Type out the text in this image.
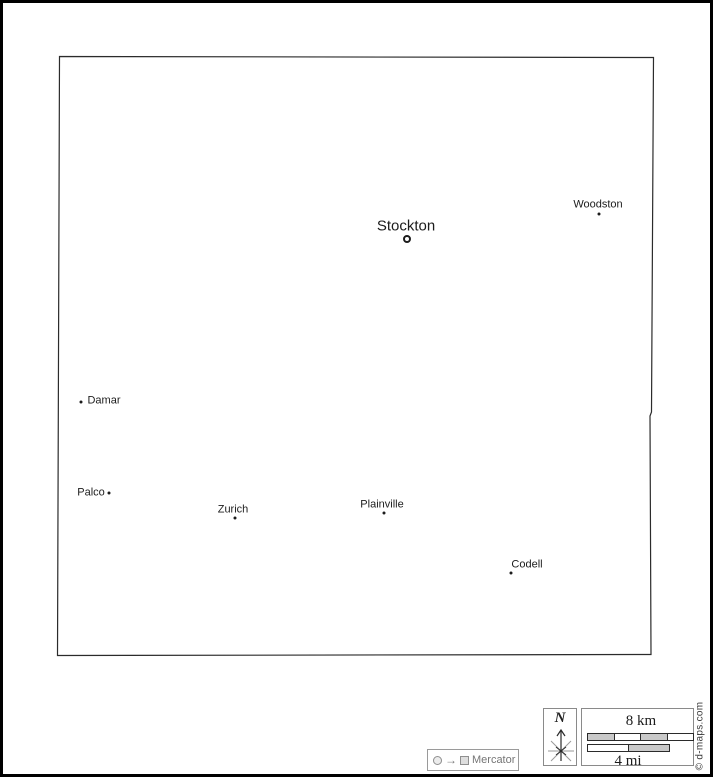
Stockton
Woodston
Damar
Palco
Zurich	Plainville
Codell
→ Mercator
N	8 km
4 mi	© d-maps.com
